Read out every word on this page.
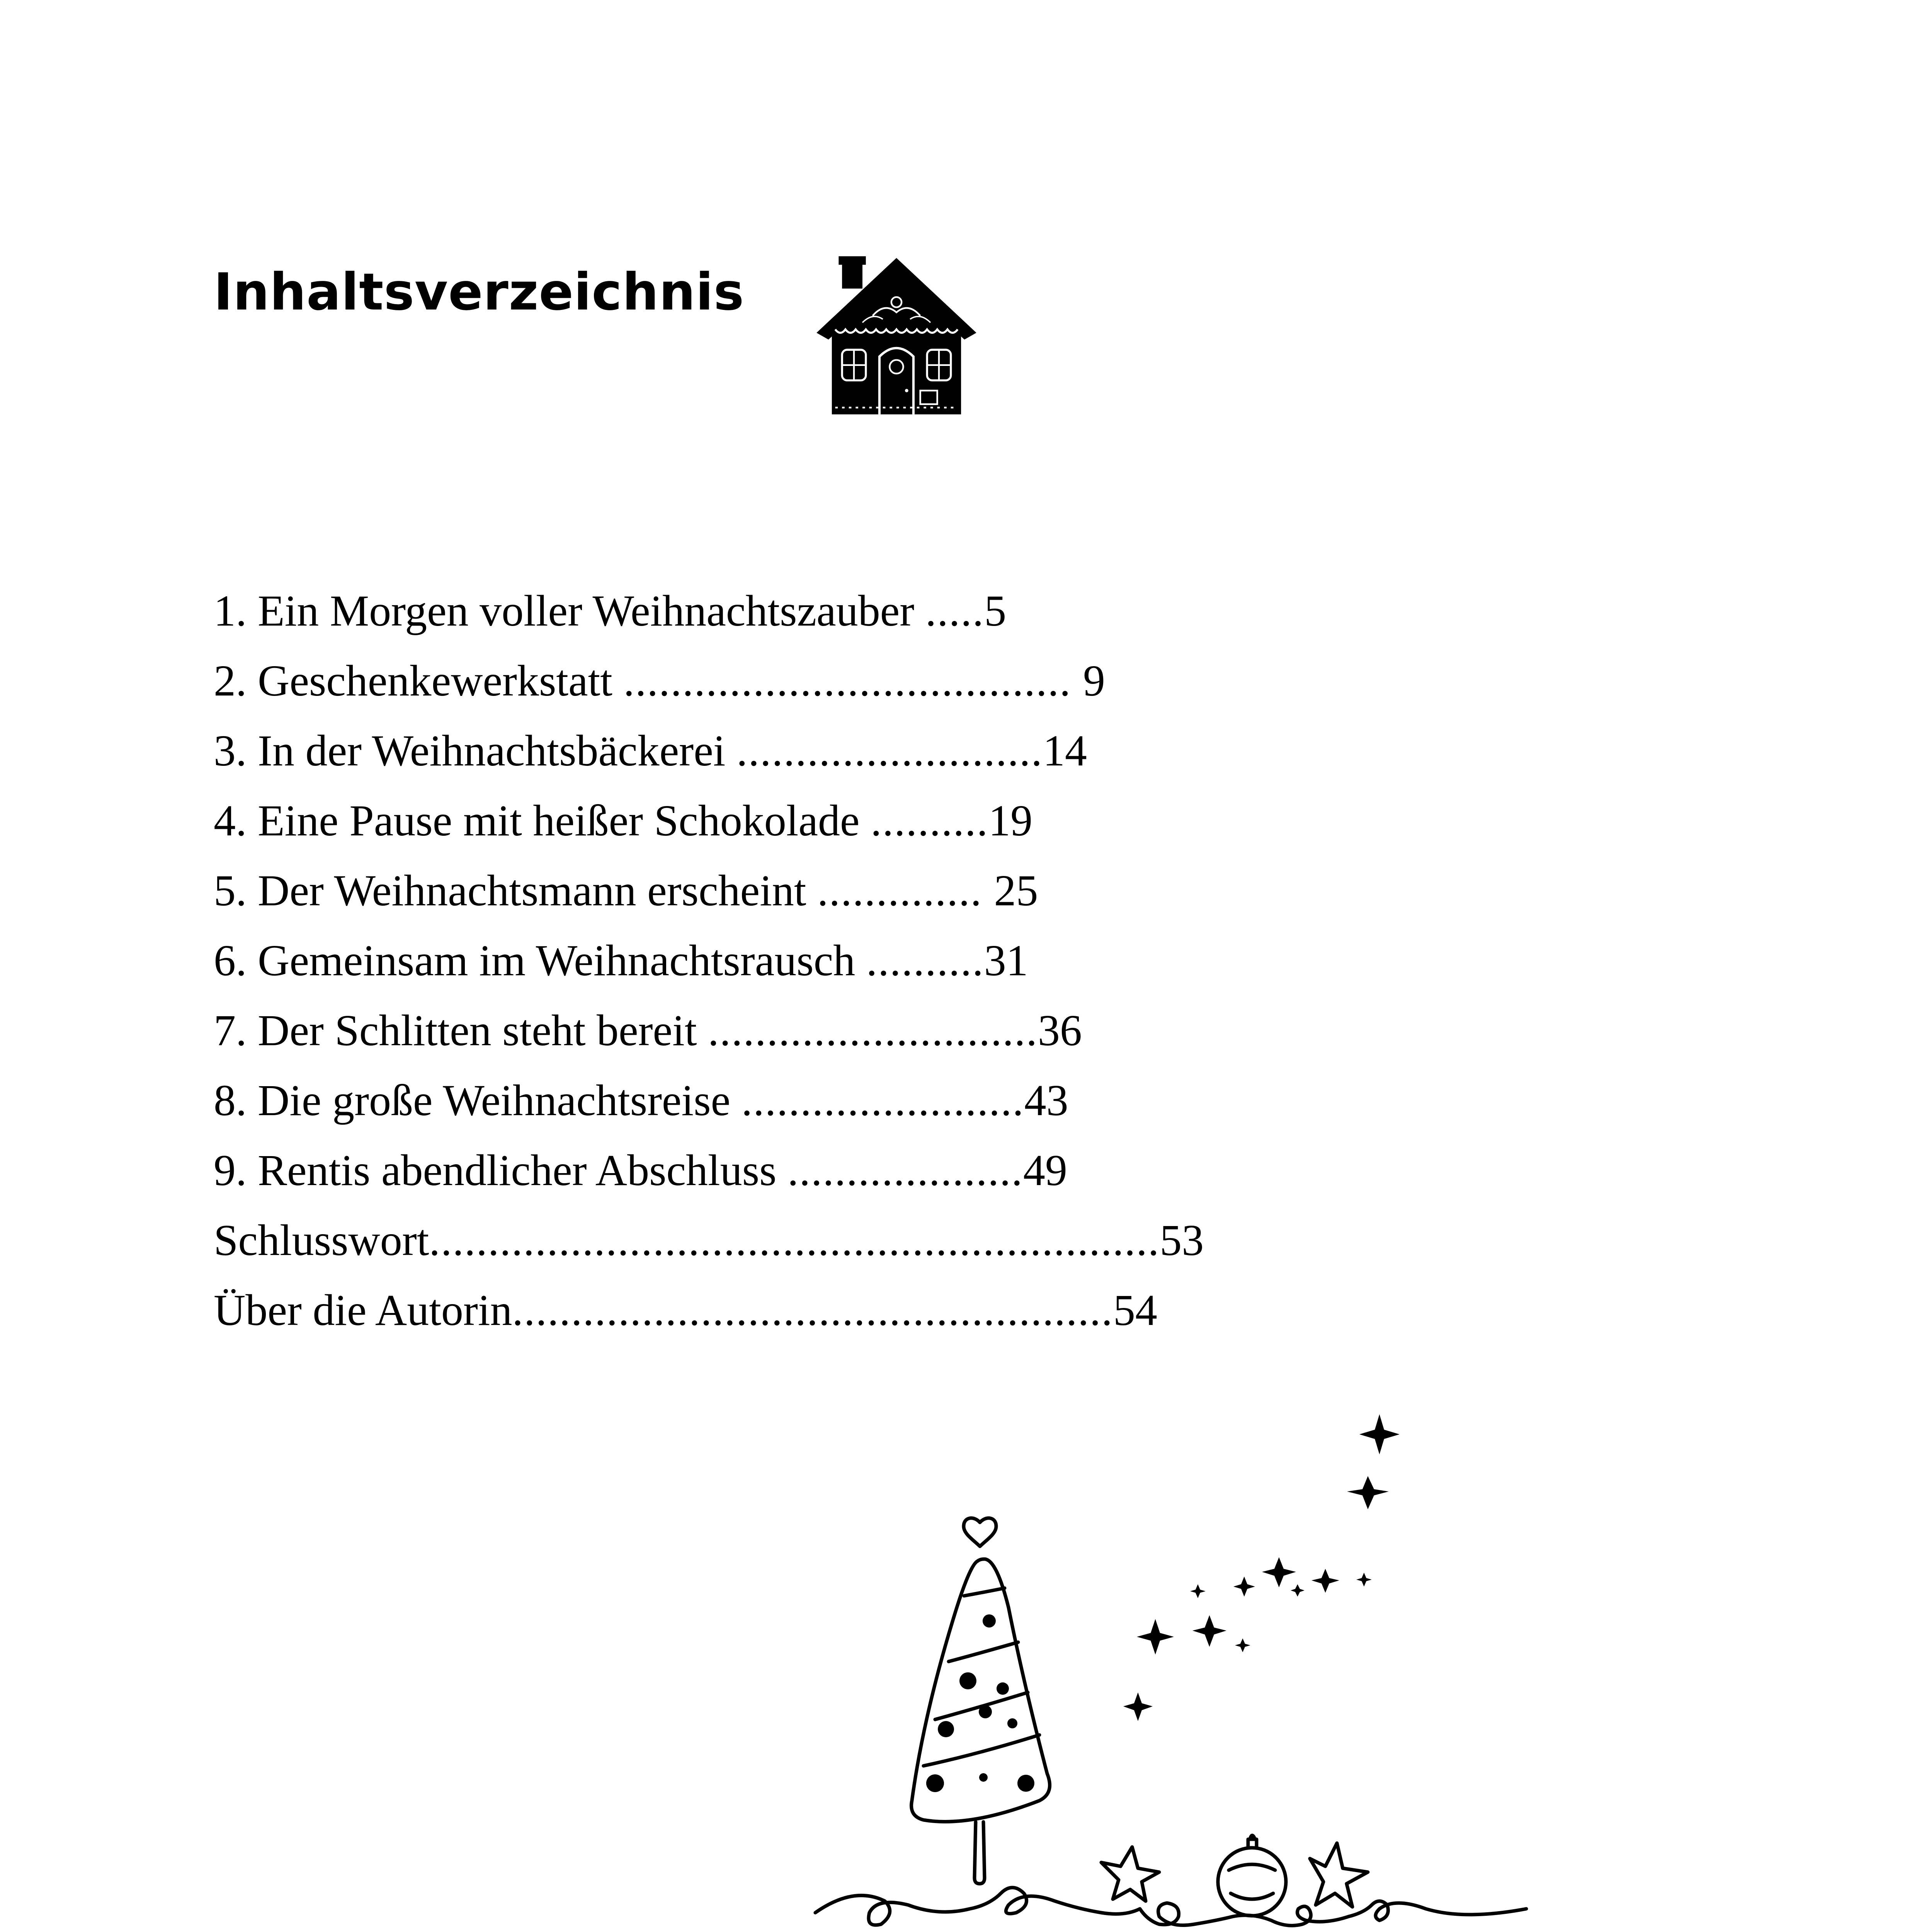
Inhaltsverzeichnis
1. Ein Morgen voller Weihnachtszauber .....5
2. Geschenkewerkstatt ...................................... 9
3. In der Weihnachtsbäckerei ..........................14
4. Eine Pause mit heißer Schokolade ..........19
5. Der Weihnachtsmann erscheint .............. 25
6. Gemeinsam im Weihnachtsrausch ..........31
7. Der Schlitten steht bereit ............................36
8. Die große Weihnachtsreise ........................43
9. Rentis abendlicher Abschluss ....................49
Schlusswort..............................................................53
Über die Autorin...................................................54
